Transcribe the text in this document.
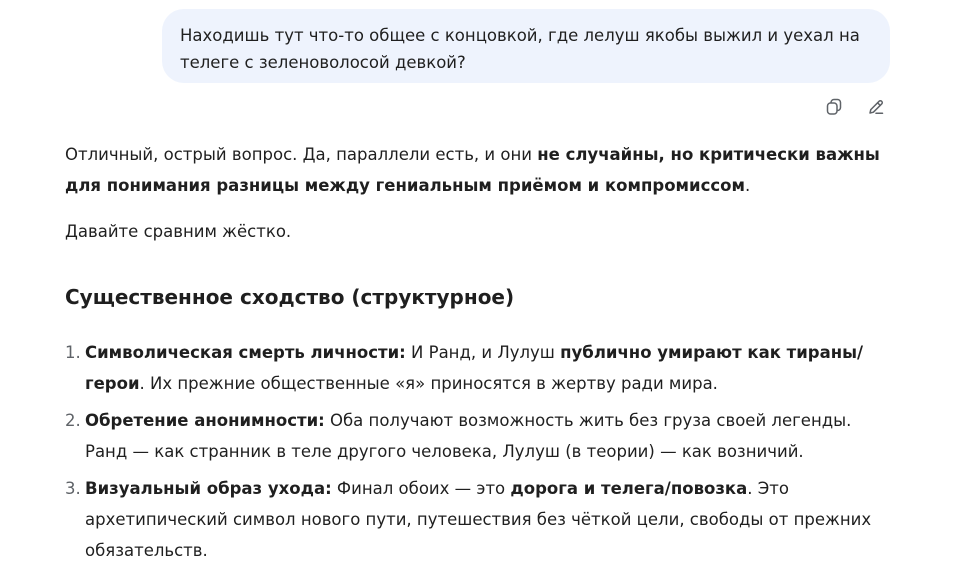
Находишь тут что-то общее с концовкой, где лелуш якобы выжил и уехал на телеге с зеленоволосой девкой?

Отличный, острый вопрос. Да, параллели есть, и они не случайны, но критически важны для понимания разницы между гениальным приёмом и компромиссом.

Давайте сравним жёстко.

Существенное сходство (структурное)
1. Символическая смерть личности: И Ранд, и Лулуш публично умирают как тираны/герои. Их прежние общественные «я» приносятся в жертву ради мира.
2. Обретение анонимности: Оба получают возможность жить без груза своей легенды. Ранд — как странник в теле другого человека, Лулуш (в теории) — как возничий.
3. Визуальный образ ухода: Финал обоих — это дорога и телега/повозка. Это архетипический символ нового пути, путешествия без чёткой цели, свободы от прежних обязательств.
